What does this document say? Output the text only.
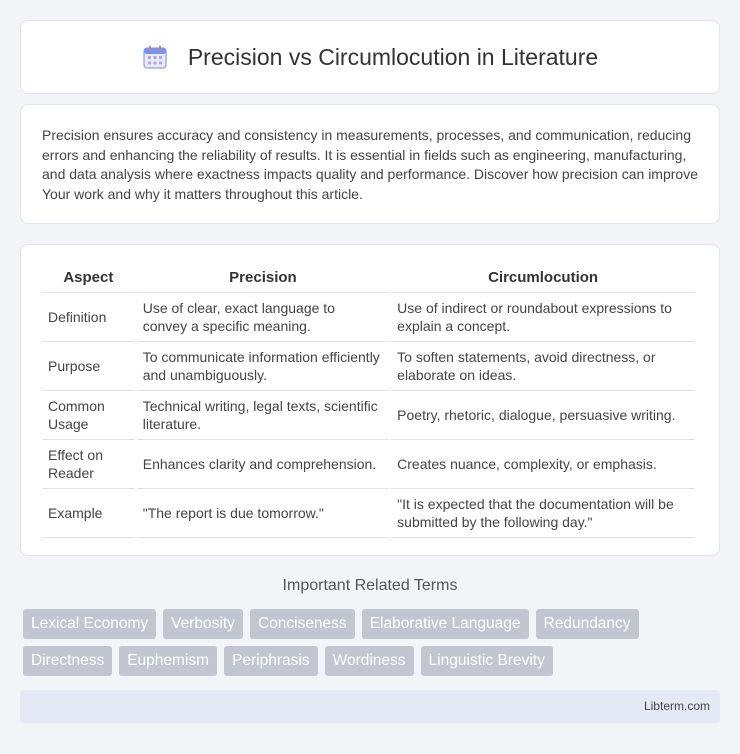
Precision vs Circumlocution in Literature

Precision ensures accuracy and consistency in measurements, processes, and communication, reducing errors and enhancing the reliability of results. It is essential in fields such as engineering, manufacturing, and data analysis where exactness impacts quality and performance. Discover how precision can improve Your work and why it matters throughout this article.

Aspect	Precision	Circumlocution
Definition	Use of clear, exact language to convey a specific meaning.	Use of indirect or roundabout expressions to explain a concept.
Purpose	To communicate information efficiently and unambiguously.	To soften statements, avoid directness, or elaborate on ideas.
Common Usage	Technical writing, legal texts, scientific literature.	Poetry, rhetoric, dialogue, persuasive writing.
Effect on Reader	Enhances clarity and comprehension.	Creates nuance, complexity, or emphasis.
Example	"The report is due tomorrow."	"It is expected that the documentation will be submitted by the following day."
Important Related Terms
Lexical Economy	Verbosity	Conciseness	Elaborative Language	Redundancy
Directness	Euphemism	Periphrasis	Wordiness	Linguistic Brevity
Libterm.com
